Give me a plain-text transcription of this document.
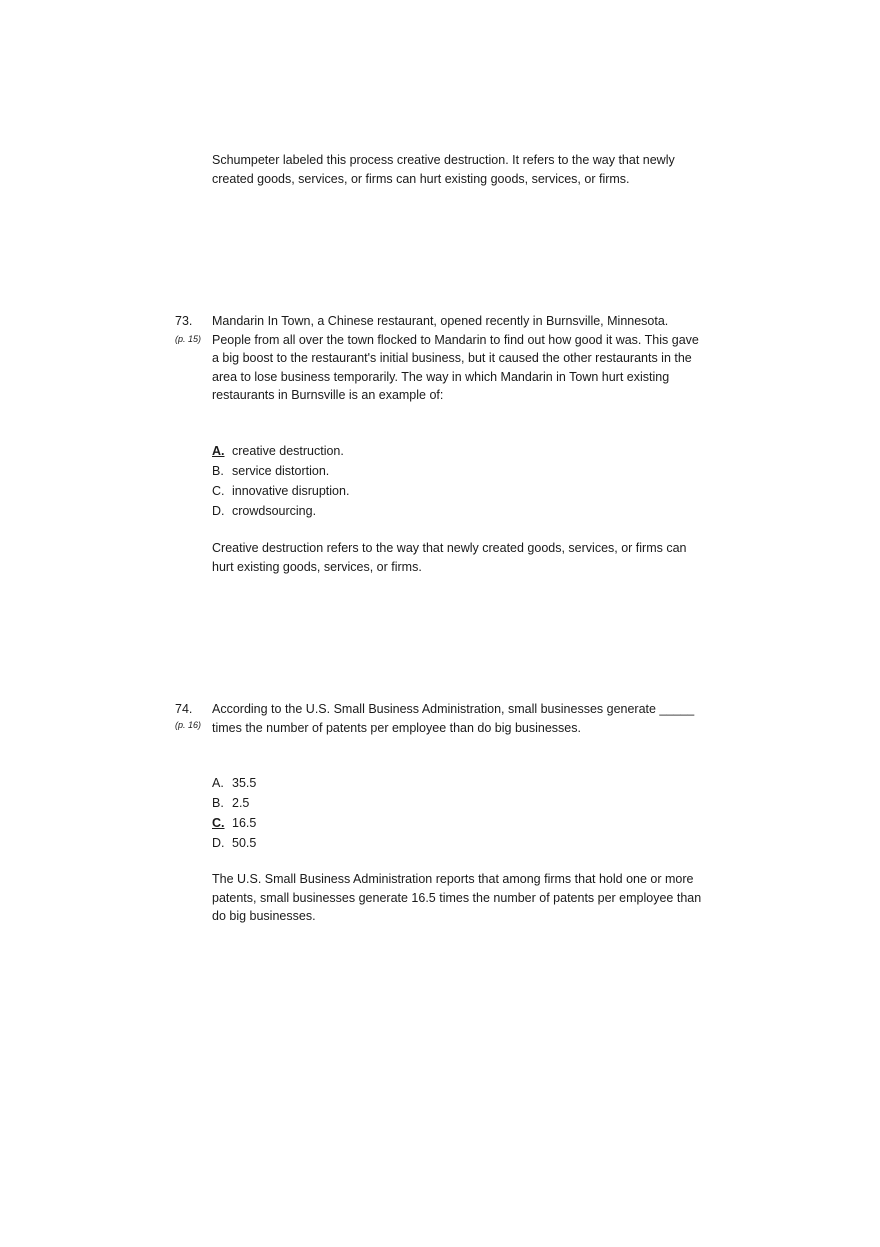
Schumpeter labeled this process creative destruction. It refers to the way that newly created goods, services, or firms can hurt existing goods, services, or firms.

73.
(p. 15)

Mandarin In Town, a Chinese restaurant, opened recently in Burnsville, Minnesota. People from all over the town flocked to Mandarin to find out how good it was. This gave a big boost to the restaurant's initial business, but it caused the other restaurants in the area to lose business temporarily. The way in which Mandarin in Town hurt existing restaurants in Burnsville is an example of:

A. creative destruction.
B. service distortion.
C. innovative disruption.
D. crowdsourcing.

Creative destruction refers to the way that newly created goods, services, or firms can hurt existing goods, services, or firms.

74.
(p. 16)

According to the U.S. Small Business Administration, small businesses generate _____ times the number of patents per employee than do big businesses.

A. 35.5
B. 2.5
C. 16.5
D. 50.5

The U.S. Small Business Administration reports that among firms that hold one or more patents, small businesses generate 16.5 times the number of patents per employee than do big businesses.
